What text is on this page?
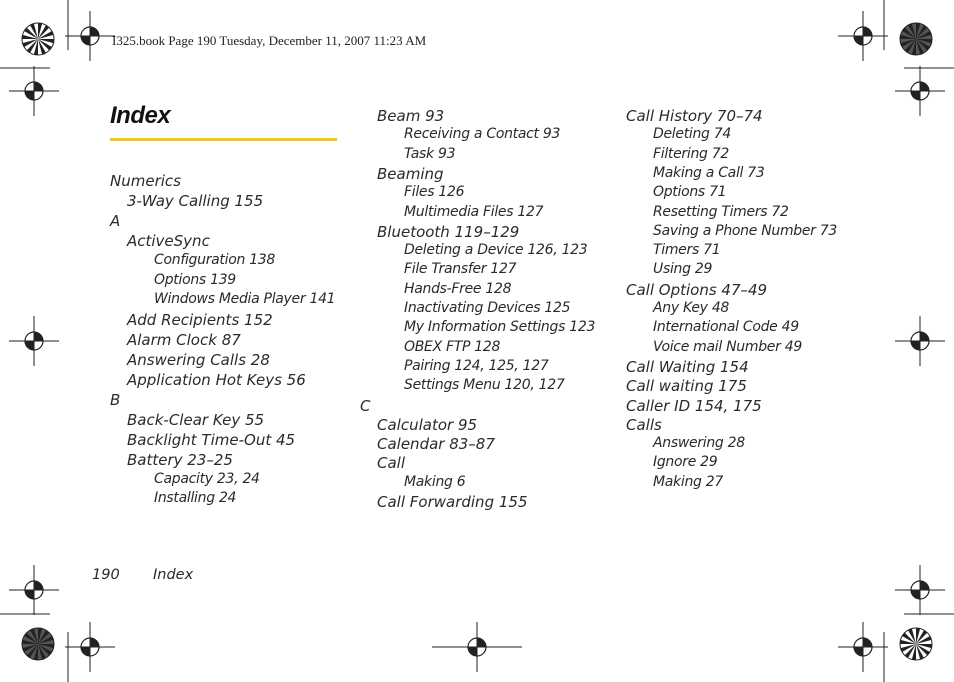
I325.book Page 190 Tuesday, December 11, 2007 11:23 AM
Index
Numerics
3-Way Calling 155
A
ActiveSync
Configuration 138
Options 139
Windows Media Player 141
Add Recipients 152
Alarm Clock 87
Answering Calls 28
Application Hot Keys 56
B
Back-Clear Key 55
Backlight Time-Out 45
Battery 23–25
Capacity 23, 24
Installing 24
Beam 93
Receiving a Contact 93
Task 93
Beaming
Files 126
Multimedia Files 127
Bluetooth 119–129
Deleting a Device 126, 123
File Transfer 127
Hands-Free 128
Inactivating Devices 125
My Information Settings 123
OBEX FTP 128
Pairing 124, 125, 127
Settings Menu 120, 127
C
Calculator 95
Calendar 83–87
Call
Making 6
Call Forwarding 155
Call History 70–74
Deleting 74
Filtering 72
Making a Call 73
Options 71
Resetting Timers 72
Saving a Phone Number 73
Timers 71
Using 29
Call Options 47–49
Any Key 48
International Code 49
Voice mail Number 49
Call Waiting 154
Call waiting 175
Caller ID 154, 175
Calls
Answering 28
Ignore 29
Making 27
190 Index
